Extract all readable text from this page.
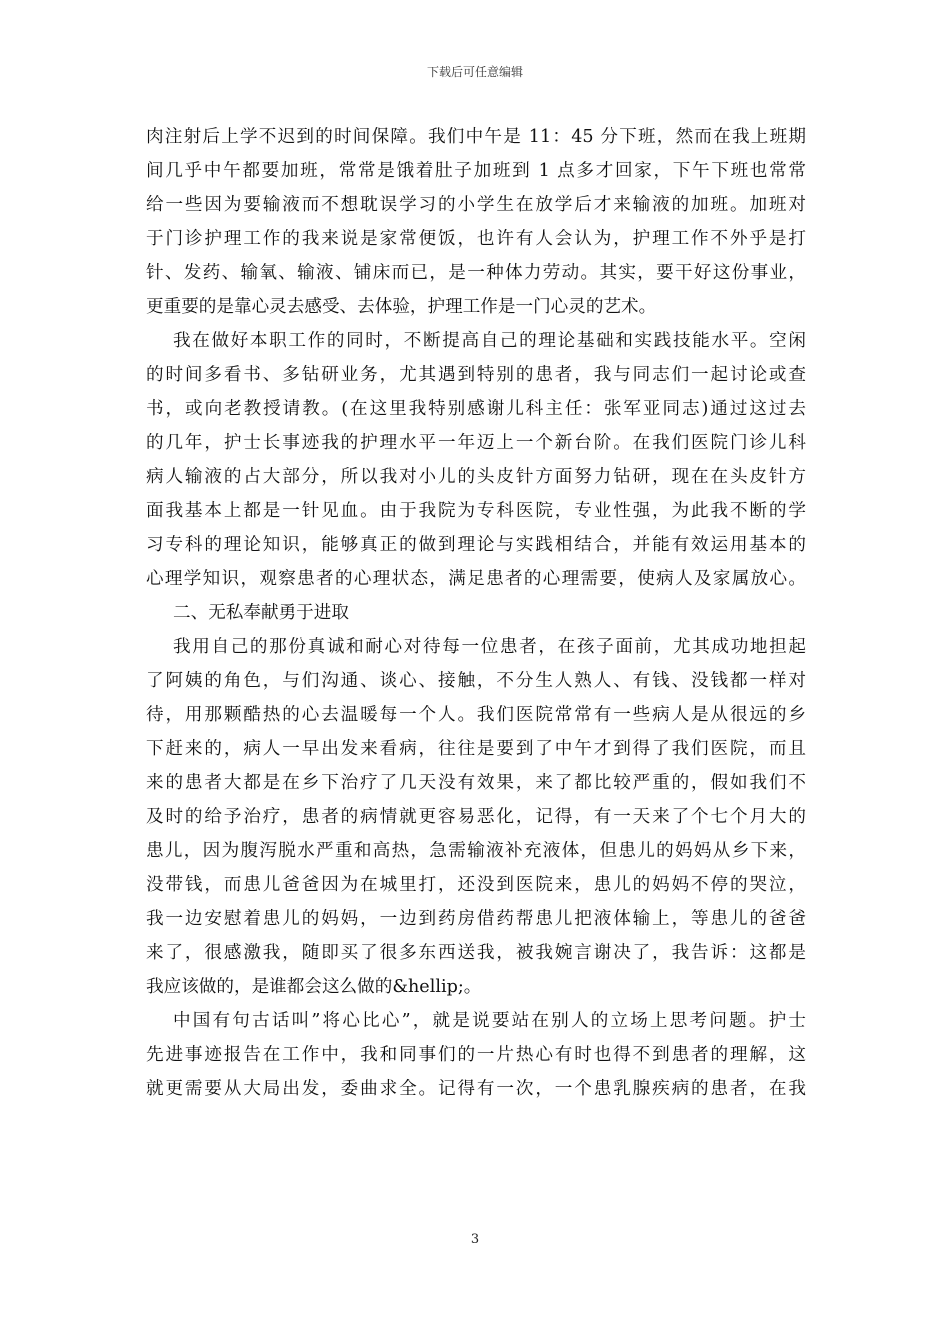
下载后可任意编辑
肉注射后上学不迟到的时间保障。我们中午是 11：45 分下班，然而在我上班期
间几乎中午都要加班，常常是饿着肚子加班到 1 点多才回家，下午下班也常常
给一些因为要输液而不想耽误学习的小学生在放学后才来输液的加班。加班对
于门诊护理工作的我来说是家常便饭，也许有人会认为，护理工作不外乎是打
针、发药、输氧、输液、铺床而已，是一种体力劳动。其实，要干好这份事业，
更重要的是靠心灵去感受、去体验，护理工作是一门心灵的艺术。
我在做好本职工作的同时，不断提高自己的理论基础和实践技能水平。空闲
的时间多看书、多钻研业务，尤其遇到特别的患者，我与同志们一起讨论或查
书，或向老教授请教。(在这里我特别感谢儿科主任：张军亚同志)通过这过去
的几年，护士长事迹我的护理水平一年迈上一个新台阶。在我们医院门诊儿科
病人输液的占大部分，所以我对小儿的头皮针方面努力钻研，现在在头皮针方
面我基本上都是一针见血。由于我院为专科医院，专业性强，为此我不断的学
习专科的理论知识，能够真正的做到理论与实践相结合，并能有效运用基本的
心理学知识，观察患者的心理状态，满足患者的心理需要，使病人及家属放心。
二、无私奉献勇于进取
我用自己的那份真诚和耐心对待每一位患者，在孩子面前，尤其成功地担起
了阿姨的角色，与们沟通、谈心、接触，不分生人熟人、有钱、没钱都一样对
待，用那颗酷热的心去温暖每一个人。我们医院常常有一些病人是从很远的乡
下赶来的，病人一早出发来看病，往往是要到了中午才到得了我们医院，而且
来的患者大都是在乡下治疗了几天没有效果，来了都比较严重的，假如我们不
及时的给予治疗，患者的病情就更容易恶化，记得，有一天来了个七个月大的
患儿，因为腹泻脱水严重和高热，急需输液补充液体，但患儿的妈妈从乡下来，
没带钱，而患儿爸爸因为在城里打，还没到医院来，患儿的妈妈不停的哭泣，
我一边安慰着患儿的妈妈，一边到药房借药帮患儿把液体输上，等患儿的爸爸
来了，很感激我，随即买了很多东西送我，被我婉言谢决了，我告诉：这都是
我应该做的，是谁都会这么做的&hellip;。
中国有句古话叫”将心比心”，就是说要站在别人的立场上思考问题。护士
先进事迹报告在工作中，我和同事们的一片热心有时也得不到患者的理解，这
就更需要从大局出发，委曲求全。记得有一次，一个患乳腺疾病的患者，在我
3
